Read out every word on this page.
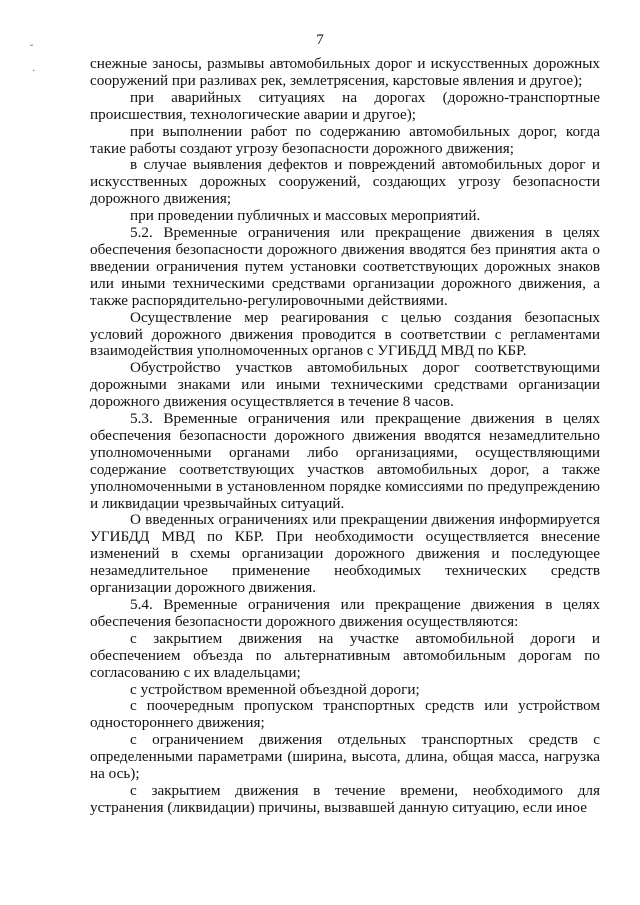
7
ˇ
·	снежные заносы, размывы автомобильных дорог и искусственных дорожных сооружений при разливах рек, землетрясения, карстовые явления и другое);

при аварийных ситуациях на дорогах (дорожно-транспортные происшествия, технологические аварии и другое);

при выполнении работ по содержанию автомобильных дорог, когда такие работы создают угрозу безопасности дорожного движения;

в случае выявления дефектов и повреждений автомобильных дорог и искусственных дорожных сооружений, создающих угрозу безопасности дорожного движения;

при проведении публичных и массовых мероприятий.

5.2. Временные ограничения или прекращение движения в целях обеспечения безопасности дорожного движения вводятся без принятия акта о введении ограничения путем установки соответствующих дорожных знаков или иными техническими средствами организации дорожного движения, а также распорядительно-регулировочными действиями.

Осуществление мер реагирования с целью создания безопасных условий дорожного движения проводится в соответствии с регламентами взаимодействия уполномоченных органов с УГИБДД МВД по КБР.

Обустройство участков автомобильных дорог соответствующими дорожными знаками или иными техническими средствами организации дорожного движения осуществляется в течение 8 часов.

5.3. Временные ограничения или прекращение движения в целях обеспечения безопасности дорожного движения вводятся незамедлительно уполномоченными органами либо организациями, осуществляющими содержание соответствующих участков автомобильных дорог, а также уполномоченными в установленном порядке комиссиями по предупреждению и ликвидации чрезвычайных ситуаций.

О введенных ограничениях или прекращении движения информируется УГИБДД МВД по КБР. При необходимости осуществляется внесение изменений в схемы организации дорожного движения и последующее незамедлительное применение необходимых технических средств организации дорожного движения.

5.4. Временные ограничения или прекращение движения в целях обеспечения безопасности дорожного движения осуществляются:

с закрытием движения на участке автомобильной дороги и обеспечением объезда по альтернативным автомобильным дорогам по согласованию с их владельцами;

с устройством временной объездной дороги;

с поочередным пропуском транспортных средств или устройством одностороннего движения;

с ограничением движения отдельных транспортных средств с определенными параметрами (ширина, высота, длина, общая масса, нагрузка на ось);

с закрытием движения в течение времени, необходимого для устранения (ликвидации) причины, вызвавшей данную ситуацию, если иное
